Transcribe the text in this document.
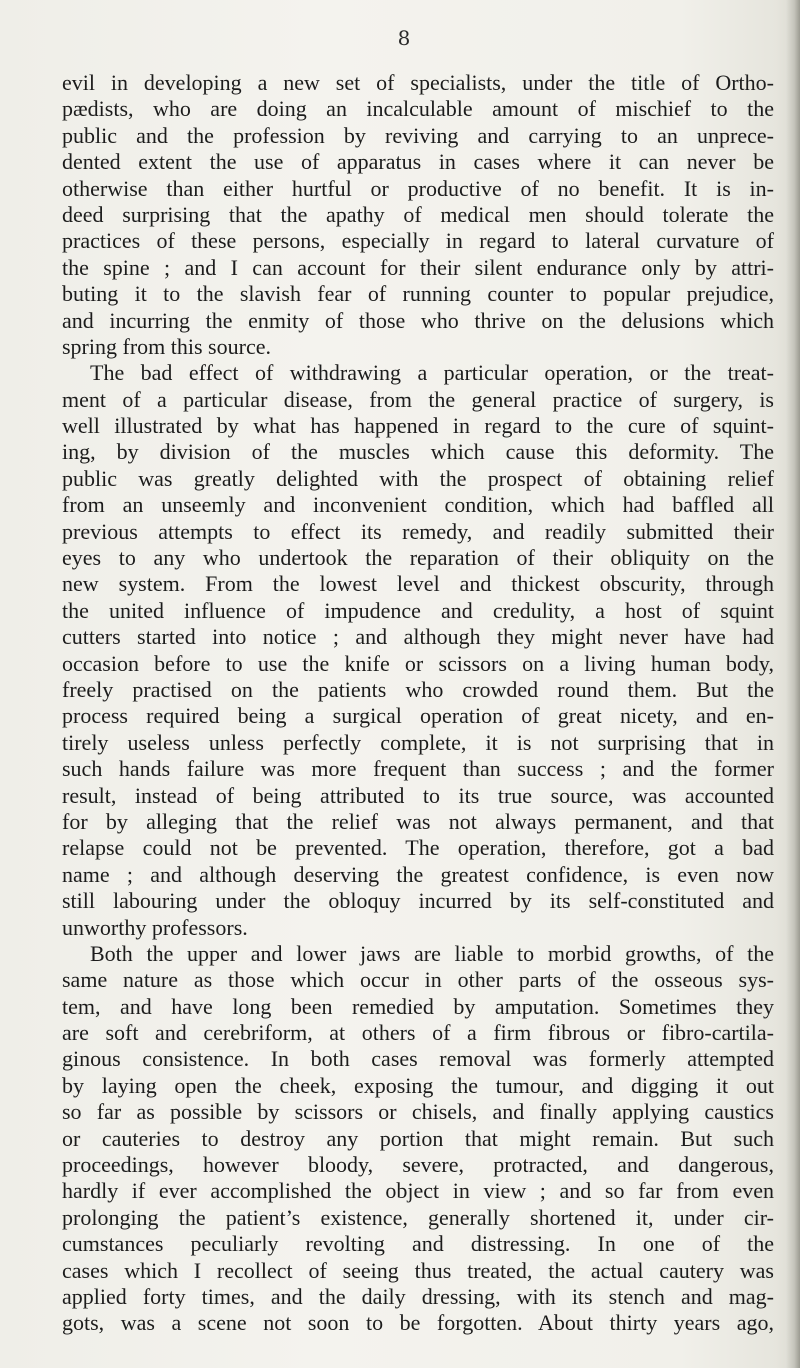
8
evil in developing a new set of specialists, under the title of Ortho-
pædists, who are doing an incalculable amount of mischief to the
public and the profession by reviving and carrying to an unprece-
dented extent the use of apparatus in cases where it can never be
otherwise than either hurtful or productive of no benefit. It is in-
deed surprising that the apathy of medical men should tolerate the
practices of these persons, especially in regard to lateral curvature of
the spine ; and I can account for their silent endurance only by attri-
buting it to the slavish fear of running counter to popular prejudice,
and incurring the enmity of those who thrive on the delusions which
spring from this source.
The bad effect of withdrawing a particular operation, or the treat-
ment of a particular disease, from the general practice of surgery, is
well illustrated by what has happened in regard to the cure of squint-
ing, by division of the muscles which cause this deformity. The
public was greatly delighted with the prospect of obtaining relief
from an unseemly and inconvenient condition, which had baffled all
previous attempts to effect its remedy, and readily submitted their
eyes to any who undertook the reparation of their obliquity on the
new system. From the lowest level and thickest obscurity, through
the united influence of impudence and credulity, a host of squint
cutters started into notice ; and although they might never have had
occasion before to use the knife or scissors on a living human body,
freely practised on the patients who crowded round them. But the
process required being a surgical operation of great nicety, and en-
tirely useless unless perfectly complete, it is not surprising that in
such hands failure was more frequent than success ; and the former
result, instead of being attributed to its true source, was accounted
for by alleging that the relief was not always permanent, and that
relapse could not be prevented. The operation, therefore, got a bad
name ; and although deserving the greatest confidence, is even now
still labouring under the obloquy incurred by its self-constituted and
unworthy professors.
Both the upper and lower jaws are liable to morbid growths, of the
same nature as those which occur in other parts of the osseous sys-
tem, and have long been remedied by amputation. Sometimes they
are soft and cerebriform, at others of a firm fibrous or fibro-cartila-
ginous consistence. In both cases removal was formerly attempted
by laying open the cheek, exposing the tumour, and digging it out
so far as possible by scissors or chisels, and finally applying caustics
or cauteries to destroy any portion that might remain. But such
proceedings, however bloody, severe, protracted, and dangerous,
hardly if ever accomplished the object in view ; and so far from even
prolonging the patient’s existence, generally shortened it, under cir-
cumstances peculiarly revolting and distressing. In one of the
cases which I recollect of seeing thus treated, the actual cautery was
applied forty times, and the daily dressing, with its stench and mag-
gots, was a scene not soon to be forgotten. About thirty years ago,
